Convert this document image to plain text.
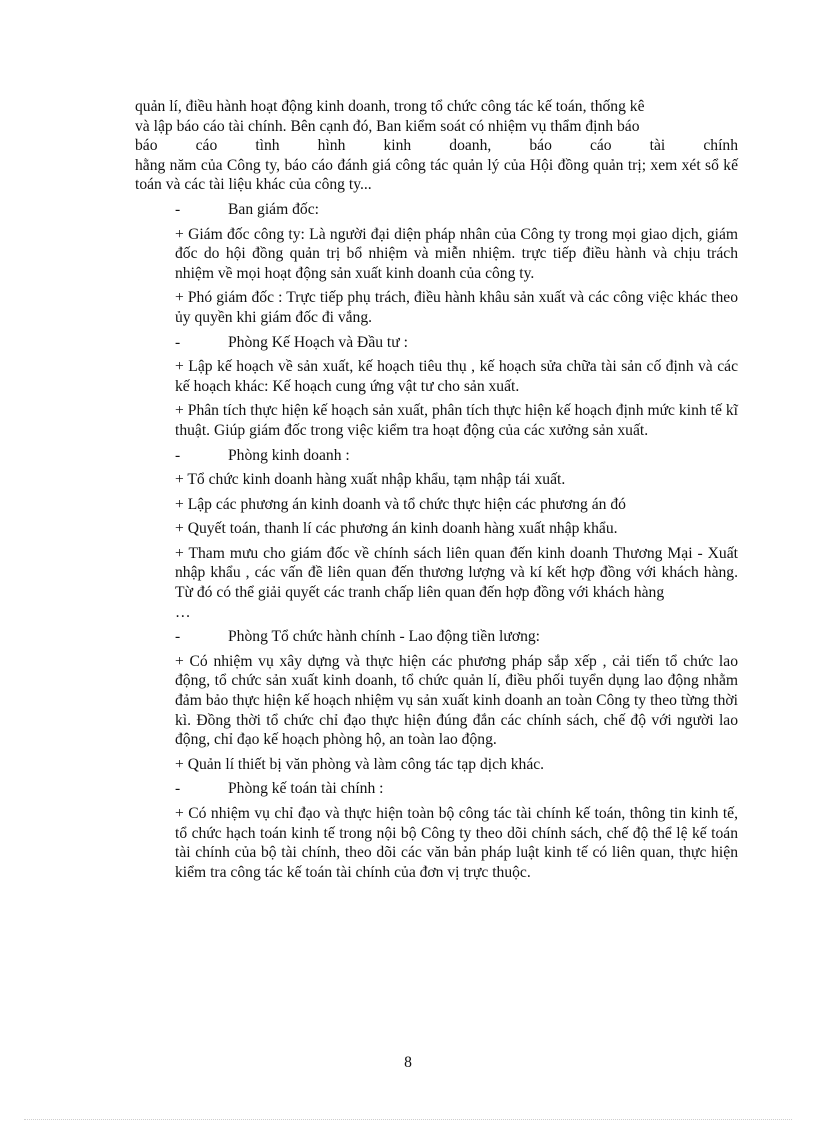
quản lí, điều hành hoạt động kinh doanh, trong tổ chức công tác kế toán, thống kê

và lập báo cáo tài chính. Bên cạnh đó, Ban kiểm soát có nhiệm vụ thẩm định báo

báo cáo tình hình kinh doanh, báo cáo tài chính

hằng năm của Công ty, báo cáo đánh giá công tác quản lý của Hội đồng quản trị; xem xét sổ kế toán và các tài liệu khác của công ty...

-	Ban giám đốc:

+ Giám đốc công ty: Là người đại diện pháp nhân của Công ty trong mọi giao dịch, giám đốc do hội đồng quản trị bổ nhiệm và miễn nhiệm. trực tiếp điều hành và chịu trách nhiệm về mọi hoạt động sản xuất kinh doanh của công ty.

+ Phó giám đốc : Trực tiếp phụ trách, điều hành khâu sản xuất và các công việc khác theo ủy quyền khi giám đốc đi vắng.

-	Phòng Kế Hoạch và Đầu tư :

+ Lập kế hoạch về sản xuất, kế hoạch tiêu thụ , kế hoạch sửa chữa tài sản cố định và các kế hoạch khác: Kế hoạch cung ứng vật tư cho sản xuất.

+ Phân tích thực hiện kế hoạch sản xuất, phân tích thực hiện kế hoạch định mức kinh tế kĩ thuật. Giúp giám đốc trong việc kiểm tra hoạt động của các xưởng sản xuất.

-	Phòng kinh doanh :

+ Tổ chức kinh doanh hàng xuất nhập khẩu, tạm nhập tái xuất.

+ Lập các phương án kinh doanh và tổ chức thực hiện các phương án đó

+ Quyết toán, thanh lí các phương án kinh doanh hàng xuất nhập khẩu.

+ Tham mưu cho giám đốc về chính sách liên quan đến kinh doanh Thương Mại - Xuất nhập khẩu , các vấn đề liên quan đến thương lượng và kí kết hợp đồng với khách hàng. Từ đó có thể giải quyết các tranh chấp liên quan đến hợp đồng với khách hàng

…

-	Phòng Tổ chức hành chính - Lao động tiền lương:

+ Có nhiệm vụ xây dựng và thực hiện các phương pháp sắp xếp , cải tiến tổ chức lao động, tổ chức sản xuất kinh doanh, tổ chức quản lí, điều phối tuyển dụng lao động nhằm đảm bảo thực hiện kế hoạch nhiệm vụ sản xuất kinh doanh an toàn Công ty theo từng thời kì. Đồng thời tổ chức chỉ đạo thực hiện đúng đắn các chính sách, chế độ với người lao động, chỉ đạo kế hoạch phòng hộ, an toàn lao động.

+ Quản lí thiết bị văn phòng và làm công tác tạp dịch khác.

-	Phòng kế toán tài chính :

+ Có nhiệm vụ chỉ đạo và thực hiện toàn bộ công tác tài chính kế toán, thông tin kinh tế, tổ chức hạch toán kinh tế trong nội bộ Công ty theo dõi chính sách, chế độ thể lệ kế toán tài chính của bộ tài chính, theo dõi các văn bản pháp luật kinh tế có liên quan, thực hiện kiểm tra công tác kế toán tài chính của đơn vị trực thuộc.

8
